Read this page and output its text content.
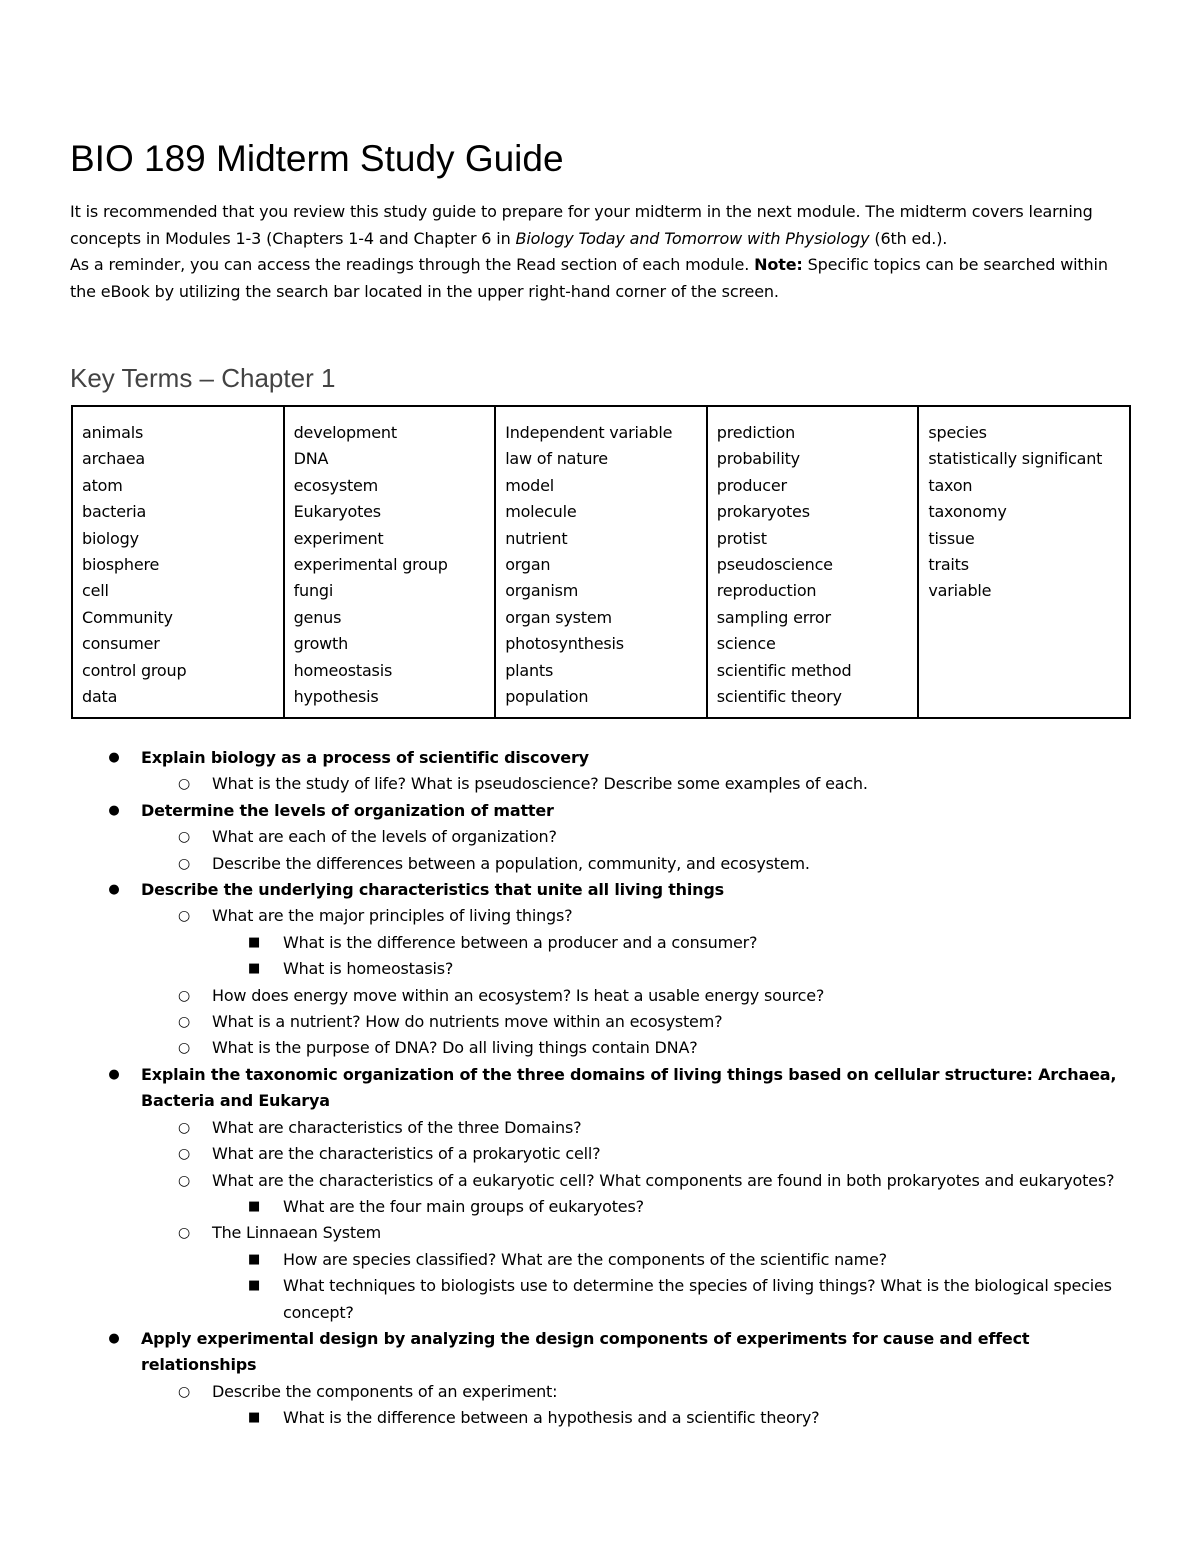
BIO 189 Midterm Study Guide

It is recommended that you review this study guide to prepare for your midterm in the next module. The midterm covers learning concepts in Modules 1-3 (Chapters 1-4 and Chapter 6 in Biology Today and Tomorrow with Physiology (6th ed.).

As a reminder, you can access the readings through the Read section of each module. Note: Specific topics can be searched within the eBook by utilizing the search bar located in the upper right-hand corner of the screen.

Key Terms – Chapter 1
animals
archaea
atom
bacteria
biology
biosphere
cell
Community
consumer
control group
data

development
DNA
ecosystem
Eukaryotes
experiment
experimental group
fungi
genus
growth
homeostasis
hypothesis

Independent variable
law of nature
model
molecule
nutrient
organ
organism
organ system
photosynthesis
plants
population

prediction
probability
producer
prokaryotes
protist
pseudoscience
reproduction
sampling error
science
scientific method
scientific theory

species
statistically significant
taxon
taxonomy
tissue
traits
variable
● Explain biology as a process of scientific discovery
○ What is the study of life? What is pseudoscience? Describe some examples of each.
● Determine the levels of organization of matter
○ What are each of the levels of organization?
○ Describe the differences between a population, community, and ecosystem.
● Describe the underlying characteristics that unite all living things
○ What are the major principles of living things?
■ What is the difference between a producer and a consumer?
■ What is homeostasis?
○ How does energy move within an ecosystem? Is heat a usable energy source?
○ What is a nutrient? How do nutrients move within an ecosystem?
○ What is the purpose of DNA? Do all living things contain DNA?
● Explain the taxonomic organization of the three domains of living things based on cellular structure: Archaea, Bacteria and Eukarya
○ What are characteristics of the three Domains?
○ What are the characteristics of a prokaryotic cell?
○ What are the characteristics of a eukaryotic cell? What components are found in both prokaryotes and eukaryotes?
■ What are the four main groups of eukaryotes?
○ The Linnaean System
■ How are species classified? What are the components of the scientific name?
■ What techniques to biologists use to determine the species of living things? What is the biological species concept?
● Apply experimental design by analyzing the design components of experiments for cause and effect relationships
○ Describe the components of an experiment:
■ What is the difference between a hypothesis and a scientific theory?
